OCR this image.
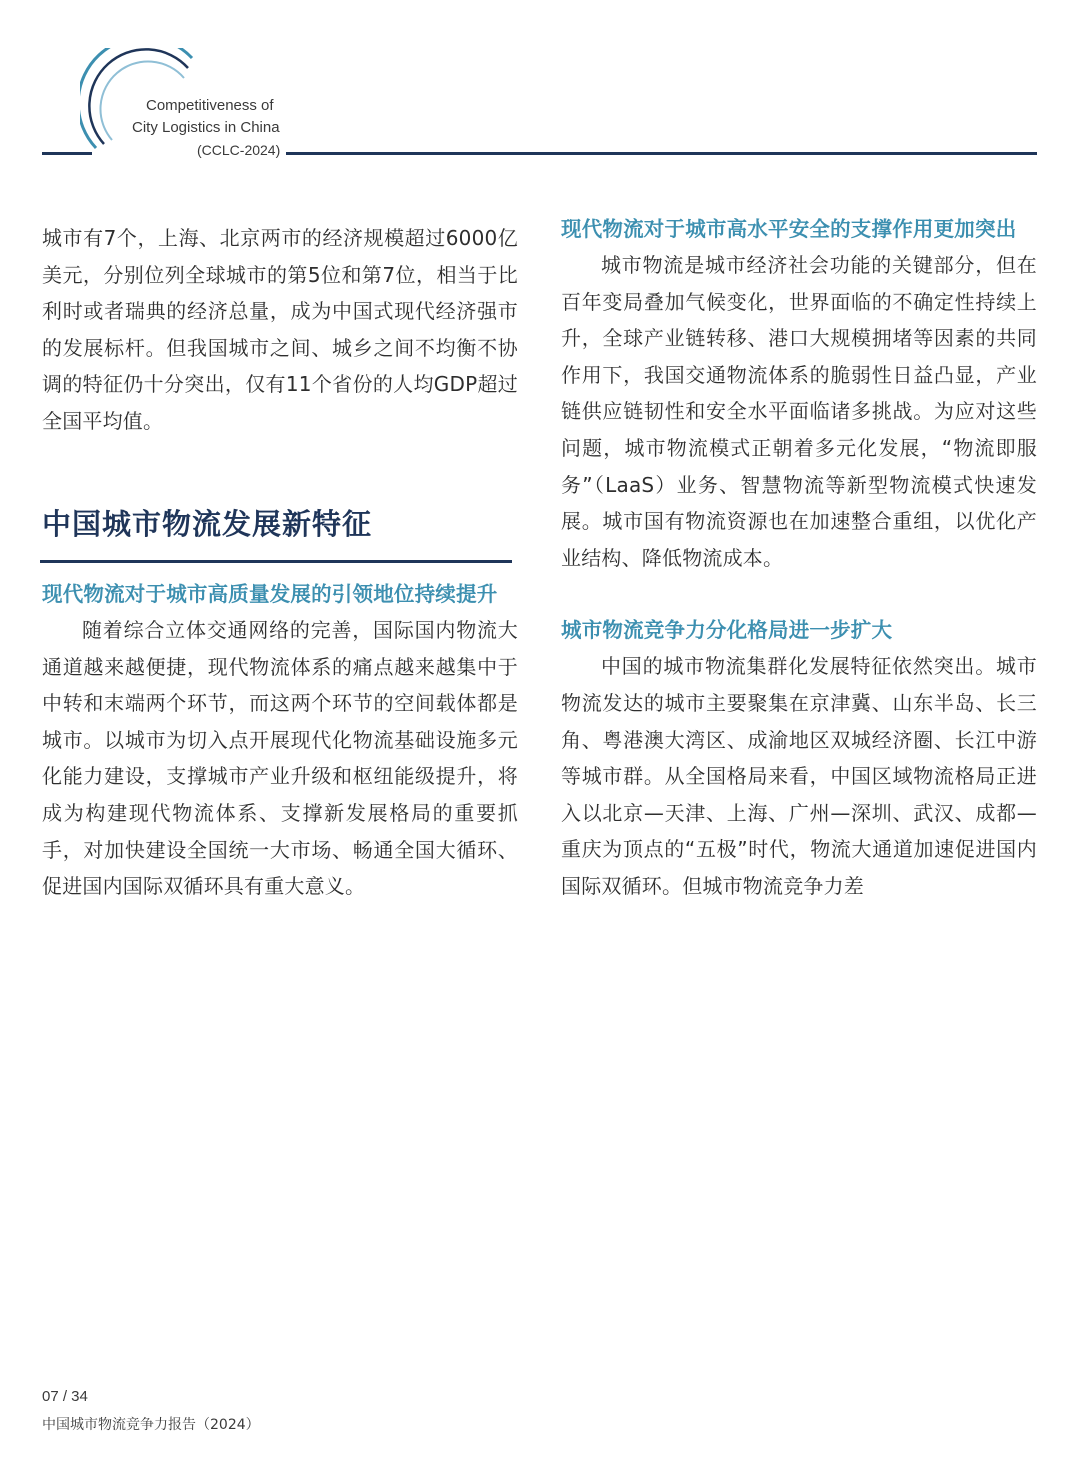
Competitiveness of
City Logistics in China
(CCLC-2024)

城市有7个，上海、北京两市的经济规模超过6000亿美元，分别位列全球城市的第5位和第7位，相当于比利时或者瑞典的经济总量，成为中国式现代经济强市的发展标杆。但我国城市之间、城乡之间不均衡不协调的特征仍十分突出，仅有11个省份的人均GDP超过全国平均值。

中国城市物流发展新特征
现代物流对于城市高质量发展的引领地位持续提升

随着综合立体交通网络的完善，国际国内物流大通道越来越便捷，现代物流体系的痛点越来越集中于中转和末端两个环节，而这两个环节的空间载体都是城市。以城市为切入点开展现代化物流基础设施多元化能力建设，支撑城市产业升级和枢纽能级提升，将成为构建现代物流体系、支撑新发展格局的重要抓手，对加快建设全国统一大市场、畅通全国大循环、促进国内国际双循环具有重大意义。

现代物流对于城市高水平安全的支撑作用更加突出

城市物流是城市经济社会功能的关键部分，但在百年变局叠加气候变化，世界面临的不确定性持续上升，全球产业链转移、港口大规模拥堵等因素的共同作用下，我国交通物流体系的脆弱性日益凸显，产业链供应链韧性和安全水平面临诸多挑战。为应对这些问题，城市物流模式正朝着多元化发展，“物流即服务”（LaaS）业务、智慧物流等新型物流模式快速发展。城市国有物流资源也在加速整合重组，以优化产业结构、降低物流成本。

城市物流竞争力分化格局进一步扩大

中国的城市物流集群化发展特征依然突出。城市物流发达的城市主要聚集在京津冀、山东半岛、长三角、粤港澳大湾区、成渝地区双城经济圈、长江中游等城市群。从全国格局来看，中国区域物流格局正进入以北京—天津、上海、广州—深圳、武汉、成都—重庆为顶点的“五极”时代，物流大通道加速促进国内国际双循环。但城市物流竞争力差

07 / 34
中国城市物流竞争力报告（2024）
